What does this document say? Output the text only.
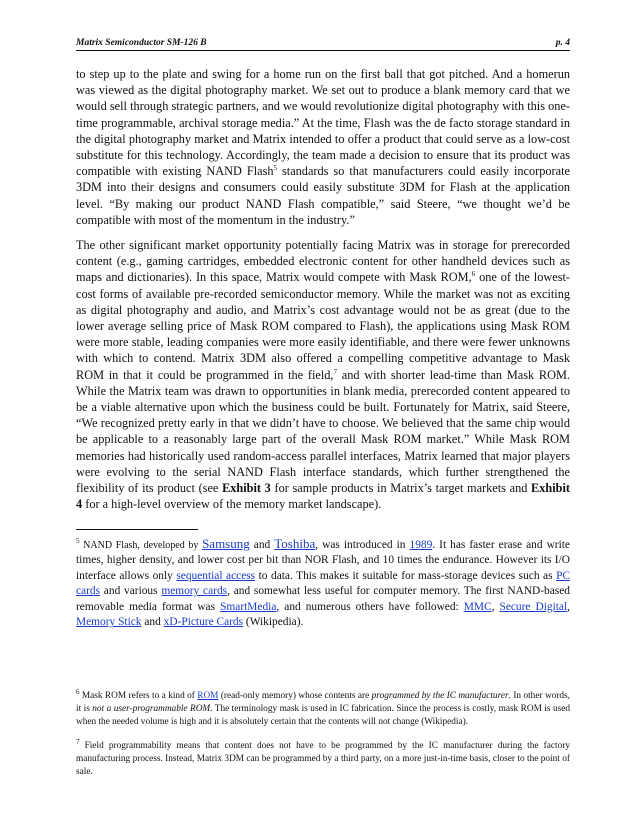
Matrix Semiconductor SM-126 B	p. 4

to step up to the plate and swing for a home run on the first ball that got pitched. And a homerun was viewed as the digital photography market. We set out to produce a blank memory card that we would sell through strategic partners, and we would revolutionize digital photography with this one-time programmable, archival storage media.” At the time, Flash was the de facto storage standard in the digital photography market and Matrix intended to offer a product that could serve as a low-cost substitute for this technology. Accordingly, the team made a decision to ensure that its product was compatible with existing NAND Flash$^5$ standards so that manufacturers could easily incorporate 3DM into their designs and consumers could easily substitute 3DM for Flash at the application level. “By making our product NAND Flash compatible,” said Steere, “we thought we’d be compatible with most of the momentum in the industry.”

The other significant market opportunity potentially facing Matrix was in storage for prerecorded content (e.g., gaming cartridges, embedded electronic content for other handheld devices such as maps and dictionaries). In this space, Matrix would compete with Mask ROM,$^6$ one of the lowest-cost forms of available pre-recorded semiconductor memory. While the market was not as exciting as digital photography and audio, and Matrix’s cost advantage would not be as great (due to the lower average selling price of Mask ROM compared to Flash), the applications using Mask ROM were more stable, leading companies were more easily identifiable, and there were fewer unknowns with which to contend. Matrix 3DM also offered a compelling competitive advantage to Mask ROM in that it could be programmed in the field,$^7$ and with shorter lead-time than Mask ROM. While the Matrix team was drawn to opportunities in blank media, prerecorded content appeared to be a viable alternative upon which the business could be built. Fortunately for Matrix, said Steere, “We recognized pretty early in that we didn’t have to choose. We believed that the same chip would be applicable to a reasonably large part of the overall Mask ROM market.” While Mask ROM memories had historically used random-access parallel interfaces, Matrix learned that major players were evolving to the serial NAND Flash interface standards, which further strengthened the flexibility of its product (see Exhibit 3 for sample products in Matrix’s target markets and Exhibit 4 for a high-level overview of the memory market landscape).

$^5$ NAND Flash, developed by Samsung and Toshiba, was introduced in 1989. It has faster erase and write times, higher density, and lower cost per bit than NOR Flash, and 10 times the endurance. However its I/O interface allows only sequential access to data. This makes it suitable for mass-storage devices such as PC cards and various memory cards, and somewhat less useful for computer memory. The first NAND-based removable media format was SmartMedia, and numerous others have followed: MMC, Secure Digital, Memory Stick and xD-Picture Cards (Wikipedia).
$^6$ Mask ROM refers to a kind of ROM (read-only memory) whose contents are programmed by the IC manufacturer. In other words, it is not a user-programmable ROM. The terminology mask is used in IC fabrication. Since the process is costly, mask ROM is used when the needed volume is high and it is absolutely certain that the contents will not change (Wikipedia).
$^7$ Field programmability means that content does not have to be programmed by the IC manufacturer during the factory manufacturing process. Instead, Matrix 3DM can be programmed by a third party, on a more just-in-time basis, closer to the point of sale.
